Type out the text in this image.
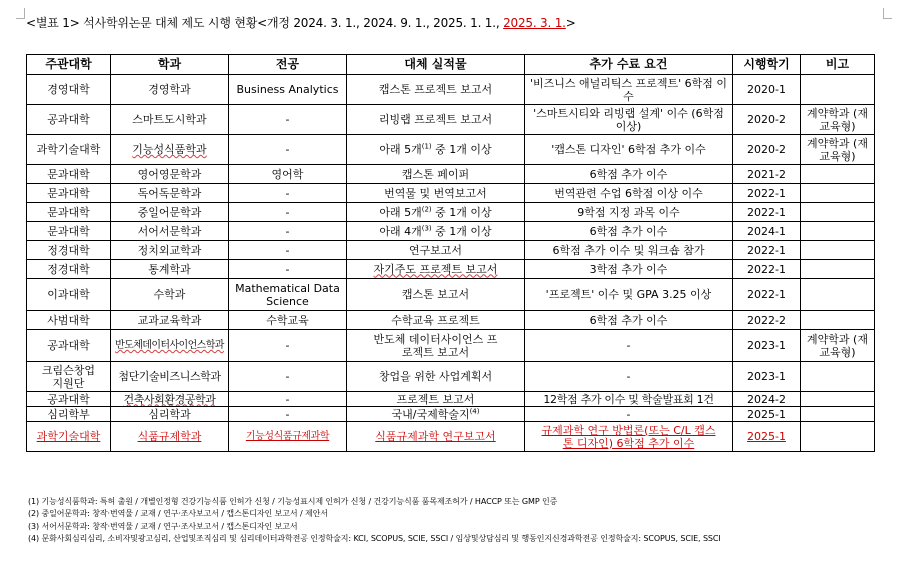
<별표 1> 석사학위논문 대체 제도 시행 현황<개정 2024. 3. 1., 2024. 9. 1., 2025. 1. 1., 2025. 3. 1.>
주관대학	학과	전공	대체 실적물	추가 수료 요건	시행학기	비고
경영대학	경영학과	Business Analytics	캡스톤 프로젝트 보고서	'비즈니스 애널리틱스 프로젝트' 6학점 이수	2020-1	
공과대학	스마트도시학과	-	리빙랩 프로젝트 보고서	'스마트시티와 리빙랩 설계' 이수 (6학점 이상)	2020-2	계약학과 (재교육형)
과학기술대학	기능성식품학과	-	아래 5개$^{(1)}$ 중 1개 이상	'캡스톤 디자인' 6학점 추가 이수	2020-2	계약학과 (재교육형)
문과대학	영어영문학과	영어학	캡스톤 페이퍼	6학점 추가 이수	2021-2	
문과대학	독어독문학과	-	번역물 및 번역보고서	번역관련 수업 6학점 이상 이수	2022-1	
문과대학	중일어문학과	-	아래 5개$^{(2)}$ 중 1개 이상	9학점 지정 과목 이수	2022-1	
문과대학	서어서문학과	-	아래 4개$^{(3)}$ 중 1개 이상	6학점 추가 이수	2024-1	
정경대학	정치외교학과	-	연구보고서	6학점 추가 이수 및 워크숍 참가	2022-1	
정경대학	통계학과	-	자기주도 프로젝트 보고서	3학점 추가 이수	2022-1	
이과대학	수학과	Mathematical Data Science	캡스톤 보고서	'프로젝트' 이수 및 GPA 3.25 이상	2022-1	
사범대학	교과교육학과	수학교육	수학교육 프로젝트	6학점 추가 이수	2022-2	
공과대학	반도체데이터사이언스학과	-	반도체 데이터사이언스 프로젝트 보고서	-	2023-1	계약학과 (재교육형)
크림슨창업지원단	첨단기술비즈니스학과	-	창업을 위한 사업계획서	-	2023-1	
공과대학	건축사회환경공학과	-	프로젝트 보고서	12학점 추가 이수 및 학술발표회 1건	2024-2	
심리학부	심리학과	-	국내/국제학술지$^{(4)}$	-	2025-1	
과학기술대학	식품규제학과	기능성식품규제과학	식품규제과학 연구보고서	규제과학 연구 방법론(또는 C/L 캡스톤 디자인) 6학점 추가 이수	2025-1	
(1) 기능성식품학과: 특허 출원 / 개별인정형 건강기능식품 인허가 신청 / 기능성표시제 인허가 신청 / 건강기능식품 품목제조허가 / HACCP 또는 GMP 인증
(2) 중일어문학과: 창작·번역물 / 교재 / 연구·조사보고서 / 캡스톤디자인 보고서 / 제안서
(3) 서어서문학과: 창작·번역물 / 교재 / 연구·조사보고서 / 캡스톤디자인 보고서
(4) 문화사회심리심리, 소비자및광고심리, 산업및조직심리 및 심리데이터과학전공 인정학술지: KCI, SCOPUS, SCIE, SSCI / 임상및상담심리 및 행동인지신경과학전공 인정학술지: SCOPUS, SCIE, SSCI
